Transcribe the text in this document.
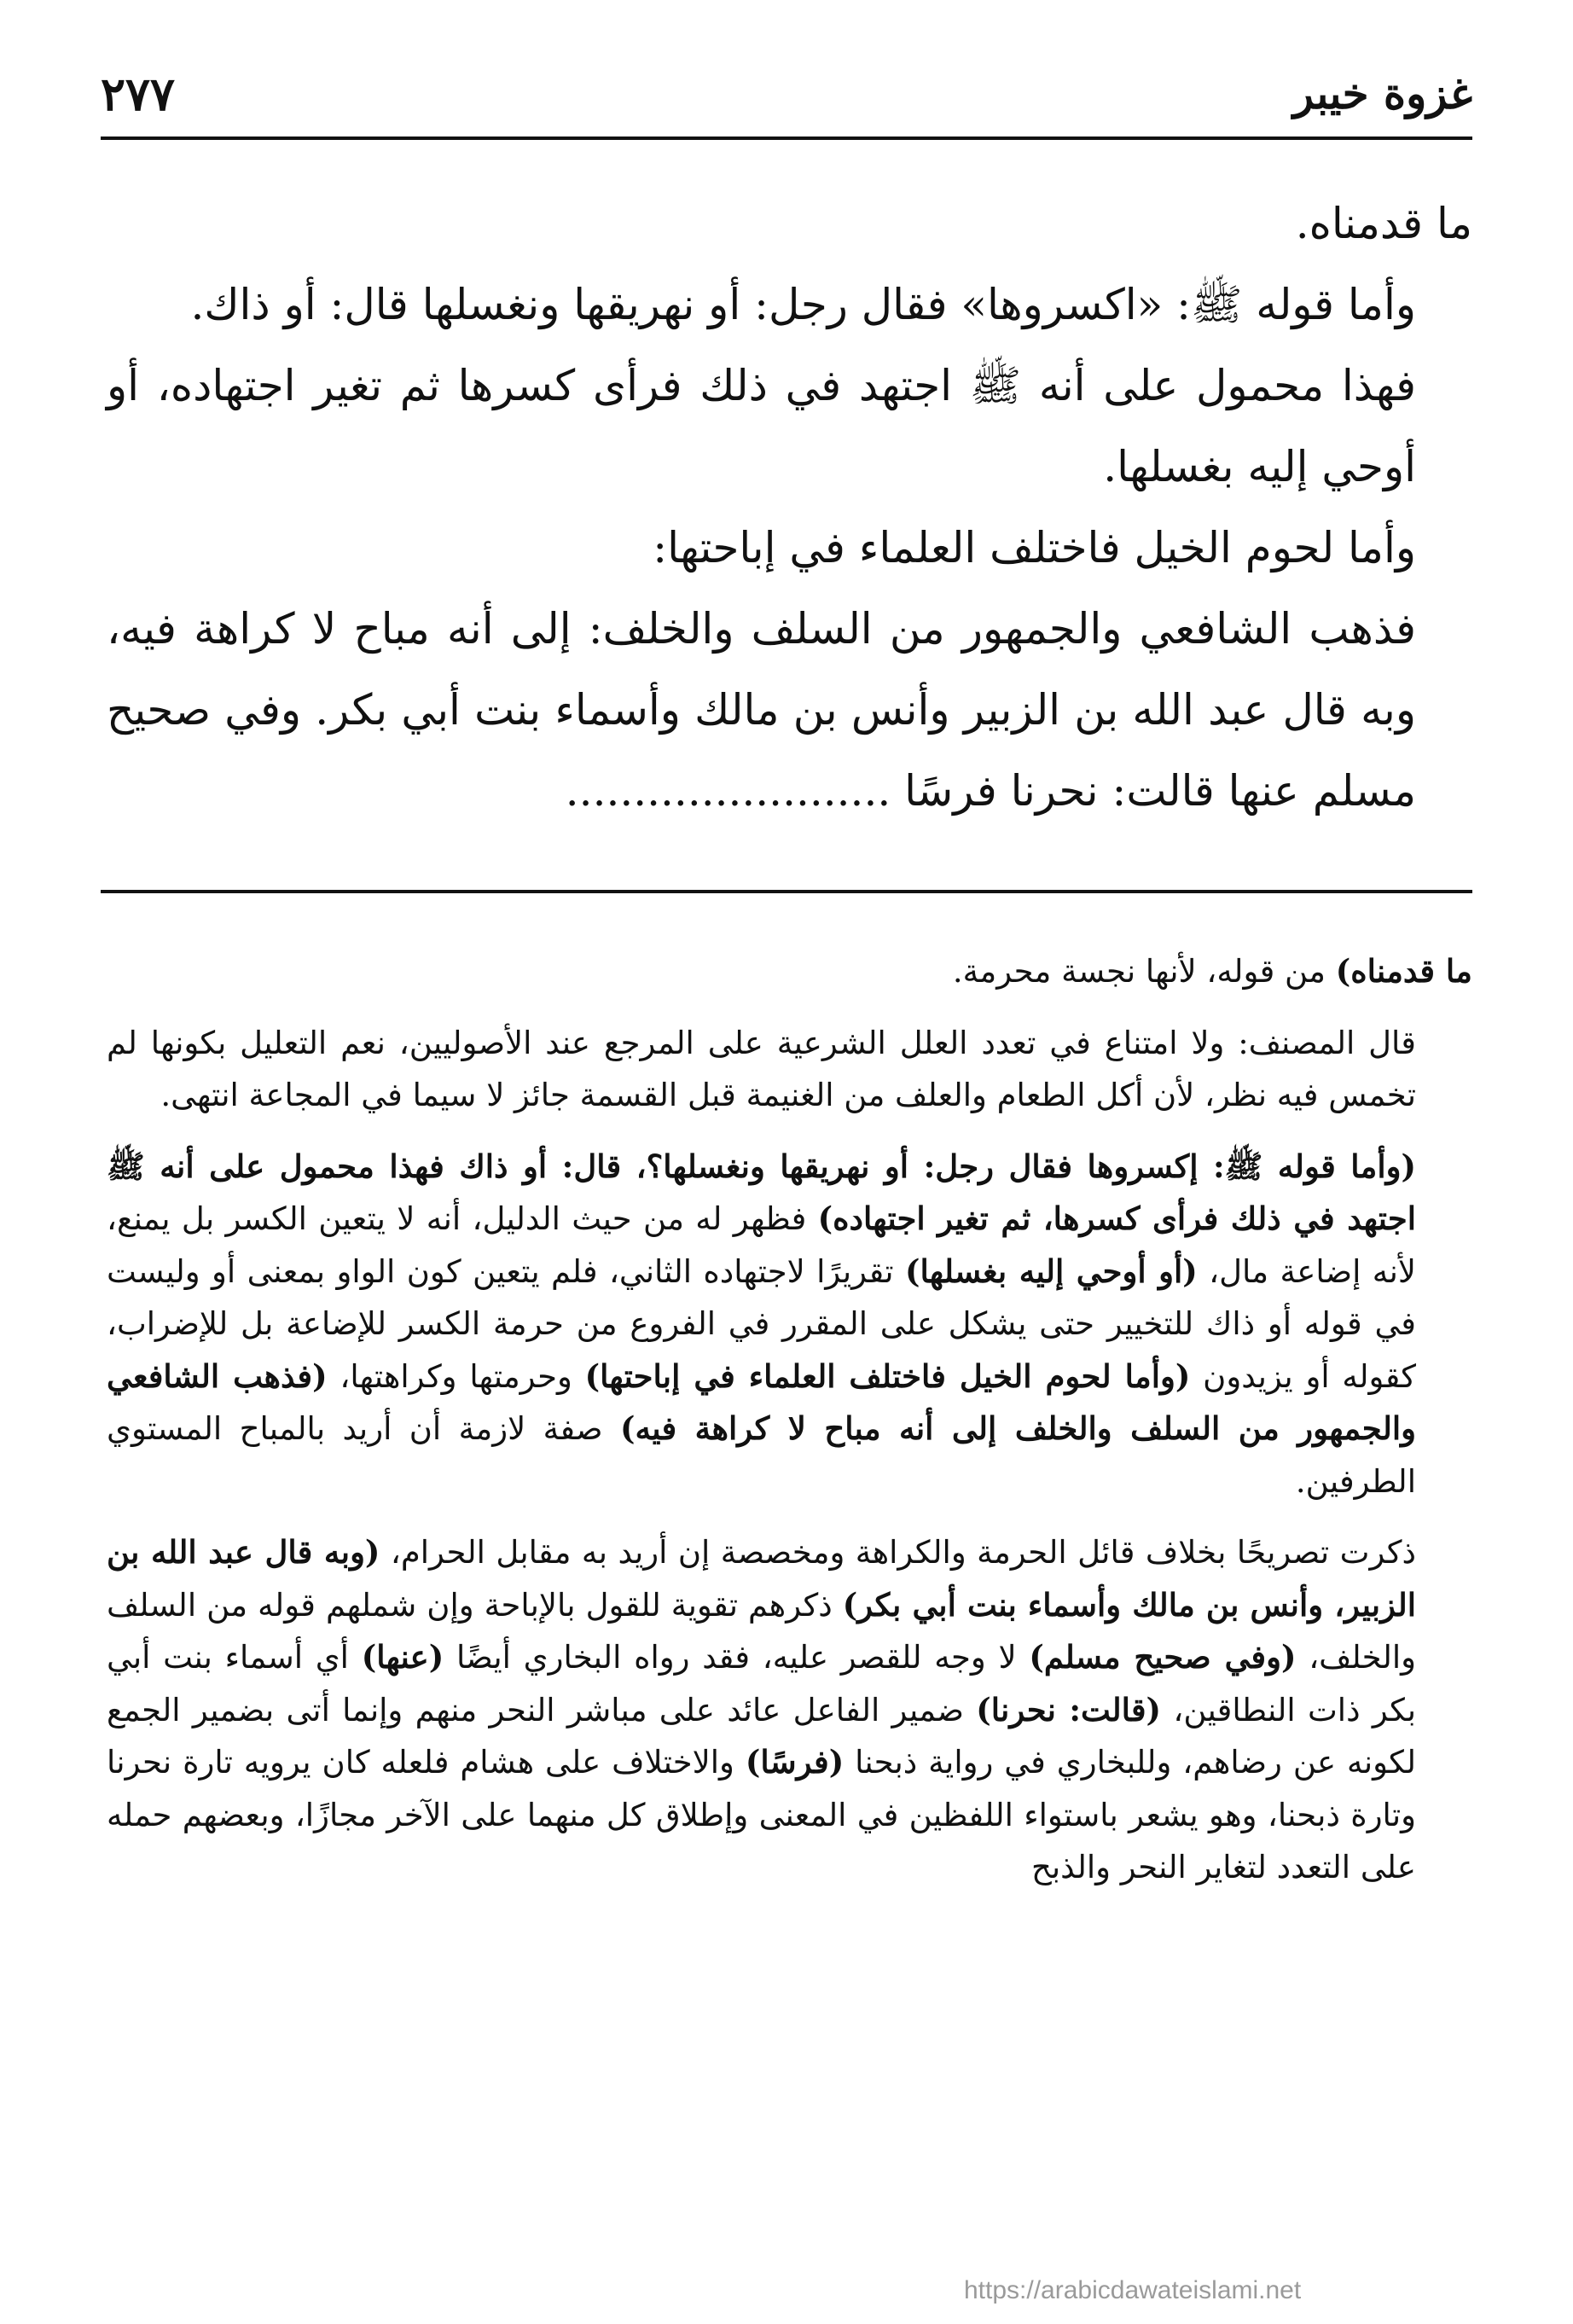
غزوة خيبر
٢٧٧

ما قدمناه.

وأما قوله ﷺ: «اكسروها» فقال رجل: أو نهريقها ونغسلها قال: أو ذاك.

فهذا محمول على أنه ﷺ اجتهد في ذلك فرأى كسرها ثم تغير اجتهاده، أو أوحي إليه بغسلها.

وأما لحوم الخيل فاختلف العلماء في إباحتها:

فذهب الشافعي والجمهور من السلف والخلف: إلى أنه مباح لا كراهة فيه، وبه قال عبد الله بن الزبير وأنس بن مالك وأسماء بنت أبي بكر. وفي صحيح مسلم عنها قالت: نحرنا فرسًا ........................

ما قدمناه) من قوله، لأنها نجسة محرمة.

قال المصنف: ولا امتناع في تعدد العلل الشرعية على المرجع عند الأصوليين، نعم التعليل بكونها لم تخمس فيه نظر، لأن أكل الطعام والعلف من الغنيمة قبل القسمة جائز لا سيما في المجاعة انتهى.

(وأما قوله ﷺ: إكسروها فقال رجل: أو نهريقها ونغسلها؟، قال: أو ذاك فهذا محمول على أنه ﷺ اجتهد في ذلك فرأى كسرها، ثم تغير اجتهاده) فظهر له من حيث الدليل، أنه لا يتعين الكسر بل يمنع، لأنه إضاعة مال، (أو أوحي إليه بغسلها) تقريرًا لاجتهاده الثاني، فلم يتعين كون الواو بمعنى أو وليست في قوله أو ذاك للتخيير حتى يشكل على المقرر في الفروع من حرمة الكسر للإضاعة بل للإضراب، كقوله أو يزيدون (وأما لحوم الخيل فاختلف العلماء في إباحتها) وحرمتها وكراهتها، (فذهب الشافعي والجمهور من السلف والخلف إلى أنه مباح لا كراهة فيه) صفة لازمة أن أريد بالمباح المستوي الطرفين.

ذكرت تصريحًا بخلاف قائل الحرمة والكراهة ومخصصة إن أريد به مقابل الحرام، (وبه قال عبد الله بن الزبير، وأنس بن مالك وأسماء بنت أبي بكر) ذكرهم تقوية للقول بالإباحة وإن شملهم قوله من السلف والخلف، (وفي صحيح مسلم) لا وجه للقصر عليه، فقد رواه البخاري أيضًا (عنها) أي أسماء بنت أبي بكر ذات النطاقين، (قالت: نحرنا) ضمير الفاعل عائد على مباشر النحر منهم وإنما أتى بضمير الجمع لكونه عن رضاهم، وللبخاري في رواية ذبحنا (فرسًا) والاختلاف على هشام فلعله كان يرويه تارة نحرنا وتارة ذبحنا، وهو يشعر باستواء اللفظين في المعنى وإطلاق كل منهما على الآخر مجازًا، وبعضهم حمله على التعدد لتغاير النحر والذبح

https://arabicdawateislami.net
